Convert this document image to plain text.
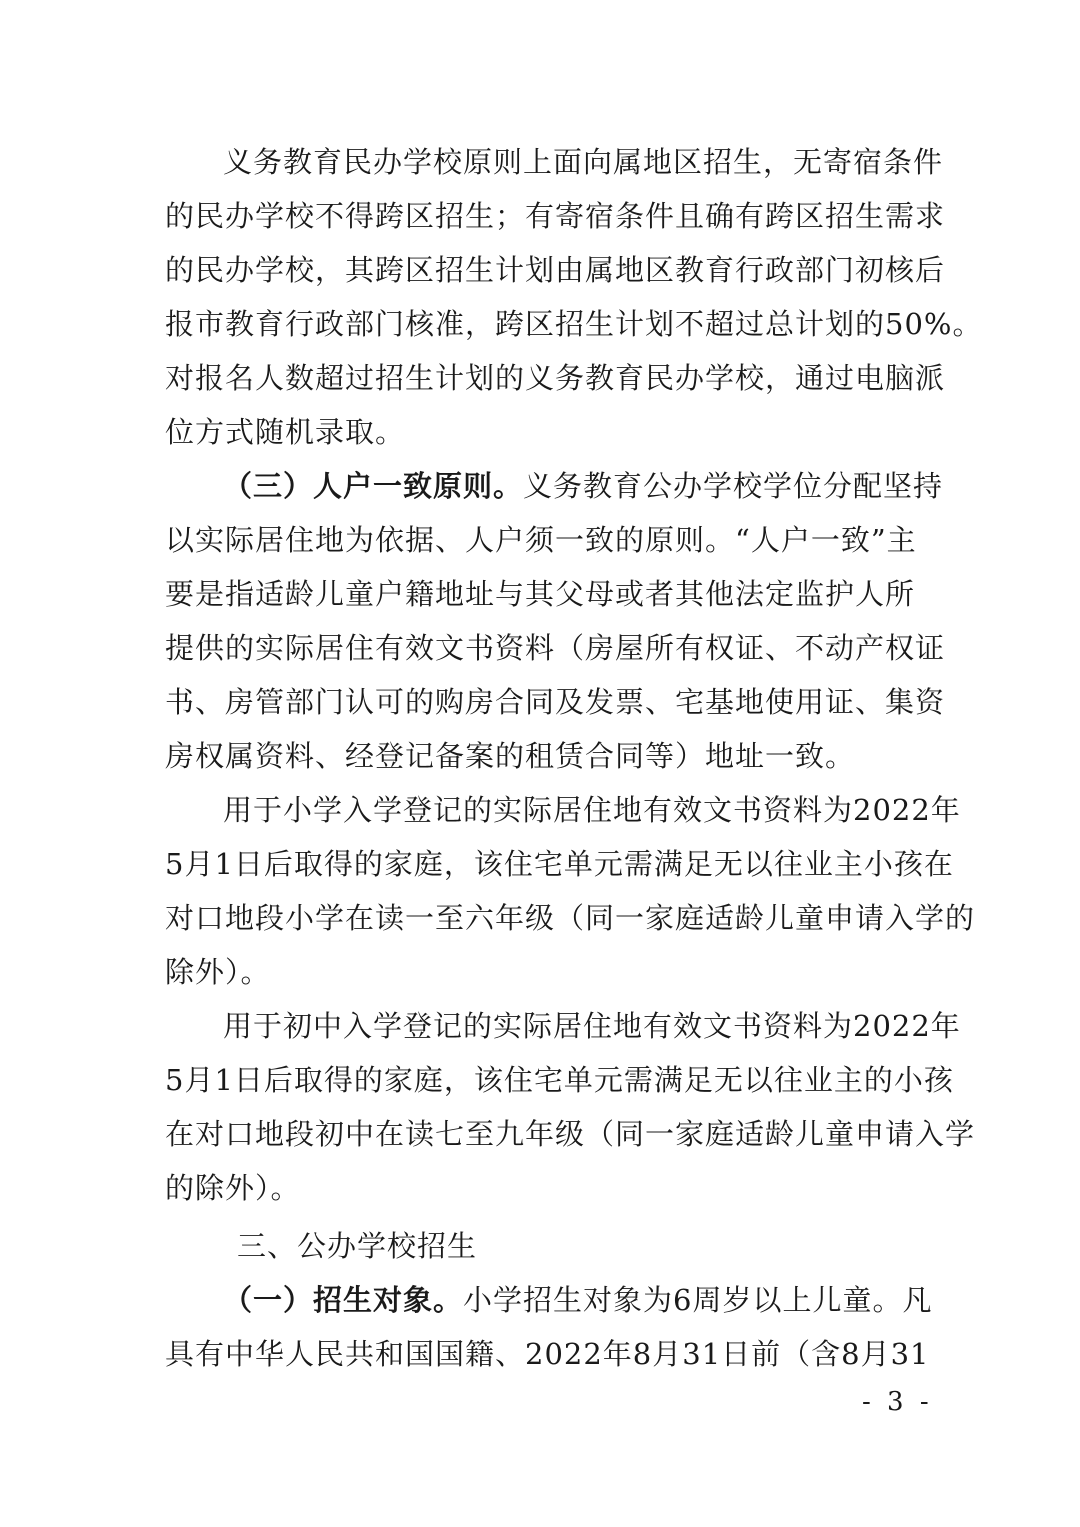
义务教育民办学校原则上面向属地区招生，无寄宿条件
的民办学校不得跨区招生；有寄宿条件且确有跨区招生需求
的民办学校，其跨区招生计划由属地区教育行政部门初核后
报市教育行政部门核准，跨区招生计划不超过总计划的50%。
对报名人数超过招生计划的义务教育民办学校，通过电脑派
位方式随机录取。
（三）人户一致原则。义务教育公办学校学位分配坚持
以实际居住地为依据、人户须一致的原则。“人户一致”主
要是指适龄儿童户籍地址与其父母或者其他法定监护人所
提供的实际居住有效文书资料（房屋所有权证、不动产权证
书、房管部门认可的购房合同及发票、宅基地使用证、集资
房权属资料、经登记备案的租赁合同等）地址一致。
用于小学入学登记的实际居住地有效文书资料为2022年
5月1日后取得的家庭，该住宅单元需满足无以往业主小孩在
对口地段小学在读一至六年级（同一家庭适龄儿童申请入学的
除外）。
用于初中入学登记的实际居住地有效文书资料为2022年
5月1日后取得的家庭，该住宅单元需满足无以往业主的小孩
在对口地段初中在读七至九年级（同一家庭适龄儿童申请入学
的除外）。
三、公办学校招生
（一）招生对象。小学招生对象为6周岁以上儿童。凡
具有中华人民共和国国籍、2022年8月31日前（含8月31
- 3 -
